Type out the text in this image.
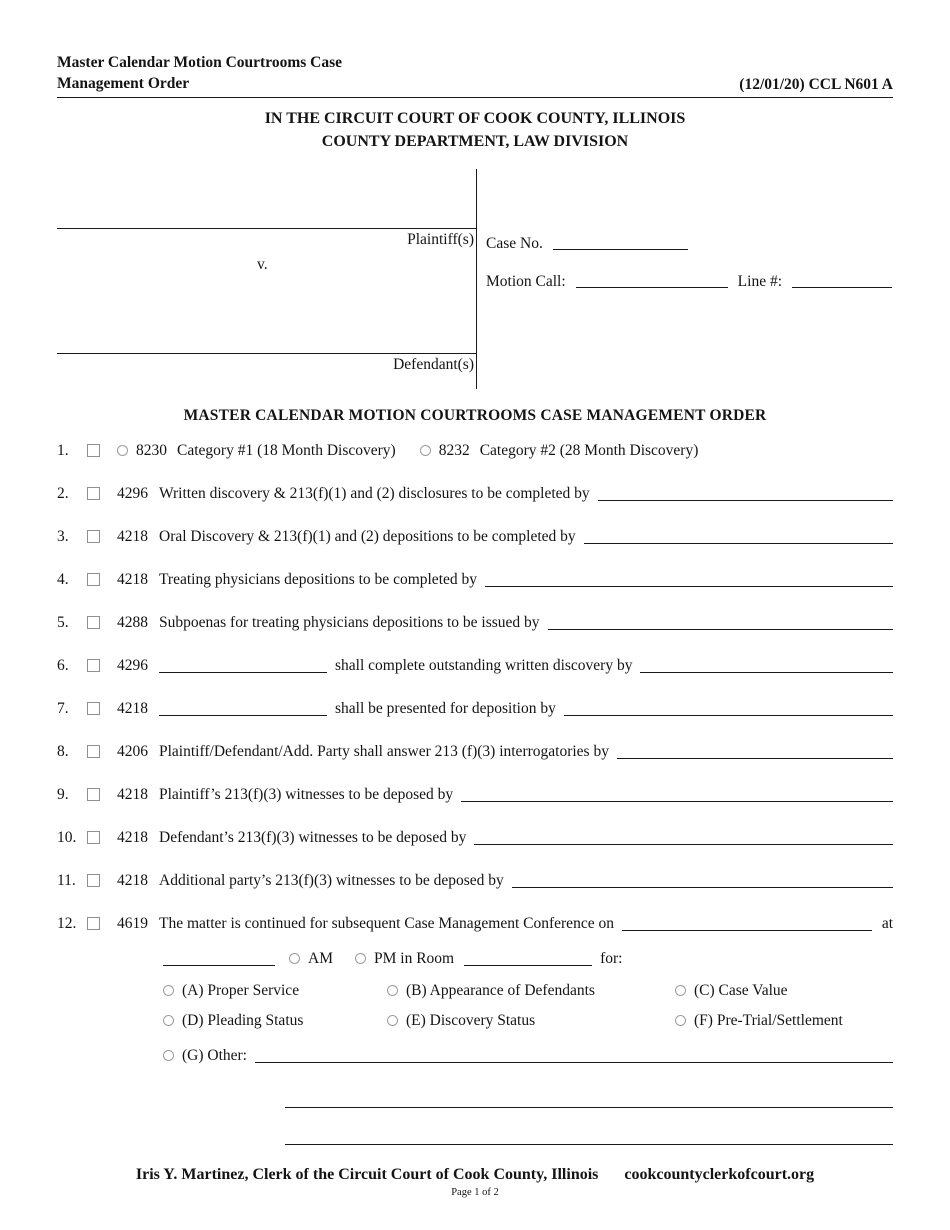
Master Calendar Motion Courtrooms Case
Management Order	(12/01/20) CCL N601 A
IN THE CIRCUIT COURT OF COOK COUNTY, ILLINOIS
COUNTY DEPARTMENT, LAW DIVISION
Plaintiff(s)
v.
Defendant(s)
Case No.
Motion Call:	Line #:
MASTER CALENDAR MOTION COURTROOMS CASE MANAGEMENT ORDER
1.	8230 Category #1 (18 Month Discovery)	8232 Category #2 (28 Month Discovery)
2.	4296 Written discovery & 213(f)(1) and (2) disclosures to be completed by
3.	4218 Oral Discovery & 213(f)(1) and (2) depositions to be completed by
4.	4218 Treating physicians depositions to be completed by
5.	4288 Subpoenas for treating physicians depositions to be issued by
6.	4296	shall complete outstanding written discovery by
7.	4218	shall be presented for deposition by
8.	4206 Plaintiff/Defendant/Add. Party shall answer 213 (f)(3) interrogatories by
9.	4218 Plaintiff’s 213(f)(3) witnesses to be deposed by
10.	4218 Defendant’s 213(f)(3) witnesses to be deposed by
11.	4218 Additional party’s 213(f)(3) witnesses to be deposed by
12.	4619 The matter is continued for subsequent Case Management Conference on	at
AM	PM in Room	for:
(A) Proper Service	(B) Appearance of Defendants	(C) Case Value
(D) Pleading Status	(E) Discovery Status	(F) Pre-Trial/Settlement
(G) Other:
Iris Y. Martinez, Clerk of the Circuit Court of Cook County, Illinois cookcountyclerkofcourt.org
Page 1 of 2
